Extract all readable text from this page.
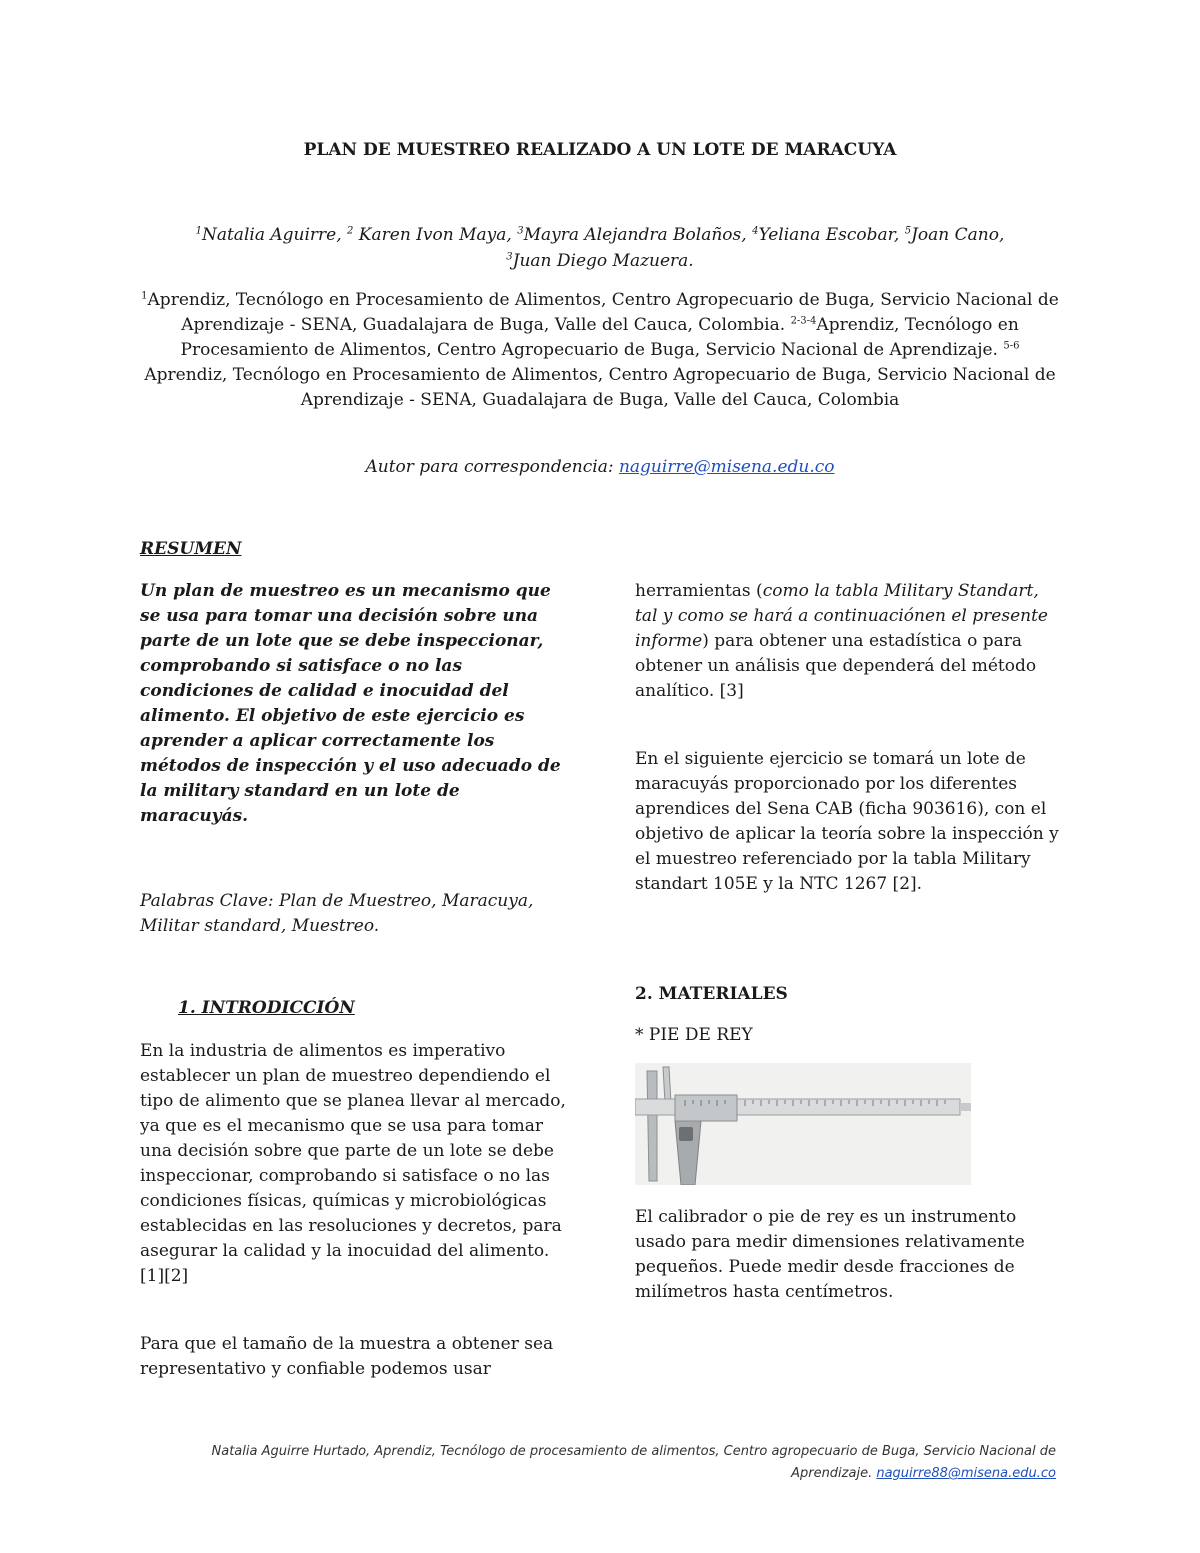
PLAN DE MUESTREO REALIZADO A UN LOTE DE MARACUYA
$^1$Natalia Aguirre, $^2$ Karen Ivon Maya, $^3$Mayra Alejandra Bolaños, $^4$Yeliana Escobar, $^5$Joan Cano,
$^3$Juan Diego Mazuera.
$^1$Aprendiz, Tecnólogo en Procesamiento de Alimentos, Centro Agropecuario de Buga, Servicio Nacional de Aprendizaje - SENA, Guadalajara de Buga, Valle del Cauca, Colombia. $^{2-3-4}$Aprendiz, Tecnólogo en Procesamiento de Alimentos, Centro Agropecuario de Buga, Servicio Nacional de Aprendizaje. $^{5-6}$ Aprendiz, Tecnólogo en Procesamiento de Alimentos, Centro Agropecuario de Buga, Servicio Nacional de Aprendizaje - SENA, Guadalajara de Buga, Valle del Cauca, Colombia
Autor para correspondencia: naguirre@misena.edu.co
RESUMEN
Un plan de muestreo es un mecanismo que se usa para tomar una decisión sobre una parte de un lote que se debe inspeccionar, comprobando si satisface o no las condiciones de calidad e inocuidad del alimento. El objetivo de este ejercicio es aprender a aplicar correctamente los métodos de inspección y el uso adecuado de la military standard en un lote de maracuyás.
Palabras Clave: Plan de Muestreo, Maracuya, Militar standard, Muestreo.
1. INTRODICCIÓN
En la industria de alimentos es imperativo establecer un plan de muestreo dependiendo el tipo de alimento que se planea llevar al mercado, ya que es el mecanismo que se usa para tomar una decisión sobre que parte de un lote se debe inspeccionar, comprobando si satisface o no las condiciones físicas, químicas y microbiológicas establecidas en las resoluciones y decretos, para asegurar la calidad y la inocuidad del alimento. [1][2]
Para que el tamaño de la muestra a obtener sea representativo y confiable podemos usar
herramientas (como la tabla Military Standart, tal y como se hará a continuaciónen el presente informe) para obtener una estadística o para obtener un análisis que dependerá del método analítico. [3]
En el siguiente ejercicio se tomará un lote de maracuyás proporcionado por los diferentes aprendices del Sena CAB (ficha 903616), con el objetivo de aplicar la teoría sobre la inspección y el muestreo referenciado por la tabla Military standart 105E y la NTC 1267 [2].
2. MATERIALES
* PIE DE REY
El calibrador o pie de rey es un instrumento usado para medir dimensiones relativamente pequeños. Puede medir desde fracciones de milímetros hasta centímetros.
Natalia Aguirre Hurtado, Aprendiz, Tecnólogo de procesamiento de alimentos, Centro agropecuario de Buga, Servicio Nacional de Aprendizaje. naguirre88@misena.edu.co
